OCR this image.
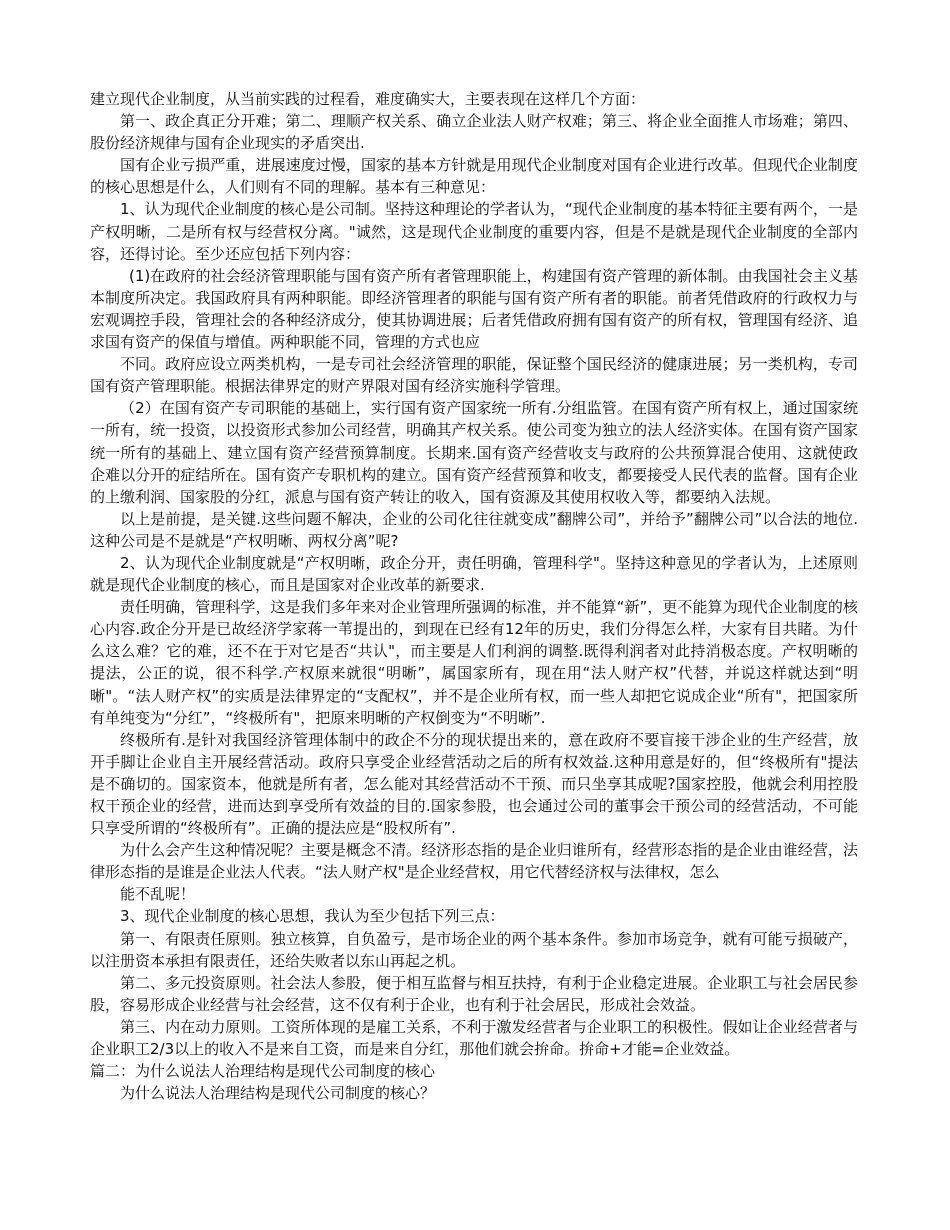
建立现代企业制度，从当前实践的过程看，难度确实大，主要表现在这样几个方面：

第一、政企真正分开难；第二、理顺产权关系、确立企业法人财产权难；第三、将企业全面推人市场难；第四、股份经济规律与国有企业现实的矛盾突出.

国有企业亏损严重，进展速度过慢，国家的基本方针就是用现代企业制度对国有企业进行改革。但现代企业制度的核心思想是什么，人们则有不同的理解。基本有三种意见：

1、认为现代企业制度的核心是公司制。坚持这种理论的学者认为，“现代企业制度的基本特征主要有两个，一是产权明晰，二是所有权与经营权分离。"诚然，这是现代企业制度的重要内容，但是不是就是现代企业制度的全部内容，还得讨论。至少还应包括下列内容：

(1)在政府的社会经济管理职能与国有资产所有者管理职能上，构建国有资产管理的新体制。由我国社会主义基本制度所决定。我国政府具有两种职能。即经济管理者的职能与国有资产所有者的职能。前者凭借政府的行政权力与宏观调控手段，管理社会的各种经济成分，使其协调进展；后者凭借政府拥有国有资产的所有权，管理国有经济、追求国有资产的保值与增值。两种职能不同，管理的方式也应

不同。政府应设立两类机构，一是专司社会经济管理的职能，保证整个国民经济的健康进展；另一类机构，专司国有资产管理职能。根据法律界定的财产界限对国有经济实施科学管理。

（2）在国有资产专司职能的基础上，实行国有资产国家统一所有.分组监管。在国有资产所有权上，通过国家统一所有，统一投资，以投资形式参加公司经营，明确其产权关系。使公司变为独立的法人经济实体。在国有资产国家统一所有的基础上、建立国有资产经营预算制度。长期来.国有资产经营收支与政府的公共预算混合使用、这就使政企难以分开的症结所在。国有资产专职机构的建立。国有资产经营预算和收支，都要接受人民代表的监督。国有企业的上缴利润、国家股的分红，派息与国有资产转让的收入，国有资源及其使用权收入等，都要纳入法规。

以上是前提，是关键.这些问题不解决，企业的公司化往往就变成”翻牌公司”，并给予”翻牌公司”以合法的地位.这种公司是不是就是“产权明晰、两权分离”呢?

2、认为现代企业制度就是“产权明晰，政企分开，责任明确，管理科学"。坚持这种意见的学者认为，上述原则就是现代企业制度的核心，而且是国家对企业改革的新要求.

责任明确，管理科学，这是我们多年来对企业管理所强调的标准，并不能算“新”，更不能算为现代企业制度的核心内容.政企分开是已故经济学家蒋一苇提出的，到现在已经有12年的历史，我们分得怎么样，大家有目共睹。为什么这么难？它的难，还不在于对它是否“共认"，而主要是人们利润的调整.既得利润者对此持消极态度。产权明晰的提法，公正的说，很不科学.产权原来就很“明晰”，属国家所有，现在用“法人财产权”代替，并说这样就达到“明晰"。“法人财产权”的实质是法律界定的“支配权”，并不是企业所有权，而一些人却把它说成企业“所有"，把国家所有单纯变为“分红”，“终极所有"，把原来明晰的产权倒变为“不明晰”.

终极所有.是针对我国经济管理体制中的政企不分的现状提出来的，意在政府不要盲接干涉企业的生产经营，放开手脚让企业自主开展经营活动。政府只享受企业经营活动之后的所有权效益.这种用意是好的，但“终极所有"提法是不确切的。国家资本，他就是所有者，怎么能对其经营活动不干预、而只坐享其成呢?国家控股，他就会利用控股权干预企业的经营，进而达到享受所有效益的目的.国家参股，也会通过公司的董事会干预公司的经营活动，不可能只享受所谓的“终极所有”。正确的提法应是“股权所有”.

为什么会产生这种情况呢？主要是概念不清。经济形态指的是企业归谁所有，经营形态指的是企业由谁经营，法律形态指的是谁是企业法人代表。“法人财产权"是企业经营权，用它代替经济权与法律权，怎么

能不乱呢！

3、现代企业制度的核心思想，我认为至少包括下列三点：

第一、有限责任原则。独立核算，自负盈亏，是市场企业的两个基本条件。参加市场竞争，就有可能亏损破产，以注册资本承担有限责任，还给失败者以东山再起之机。

第二、多元投资原则。社会法人参股，便于相互监督与相互扶持，有利于企业稳定进展。企业职工与社会居民参股，容易形成企业经营与社会经营，这不仅有利于企业，也有利于社会居民，形成社会效益。

第三、内在动力原则。工资所体现的是雇工关系，不利于激发经营者与企业职工的积极性。假如让企业经营者与企业职工2/3以上的收入不是来自工资，而是来自分红，那他们就会拚命。拚命+才能=企业效益。

篇二：为什么说法人治理结构是现代公司制度的核心

为什么说法人治理结构是现代公司制度的核心？
